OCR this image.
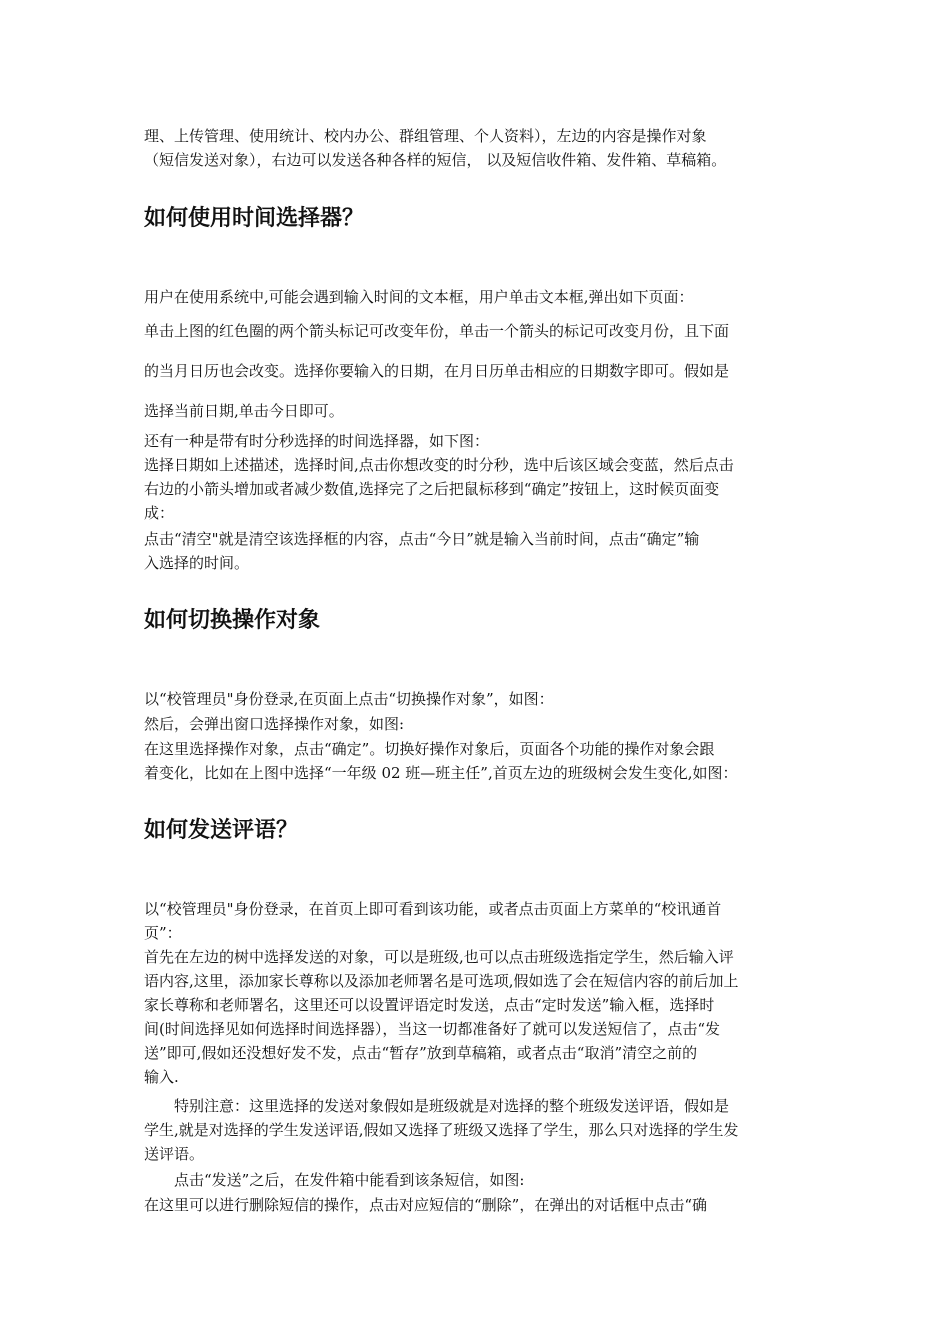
理、上传管理、使用统计、校内办公、群组管理、个人资料），左边的内容是操作对象
（短信发送对象），右边可以发送各种各样的短信， 以及短信收件箱、发件箱、草稿箱。
如何使用时间选择器？
用户在使用系统中,可能会遇到输入时间的文本框，用户单击文本框,弹出如下页面：
单击上图的红色圈的两个箭头标记可改变年份，单击一个箭头的标记可改变月份，且下面
的当月日历也会改变。选择你要输入的日期，在月日历单击相应的日期数字即可。假如是
选择当前日期,单击今日即可。
还有一种是带有时分秒选择的时间选择器，如下图：
选择日期如上述描述，选择时间,点击你想改变的时分秒，选中后该区域会变蓝，然后点击
右边的小箭头增加或者减少数值,选择完了之后把鼠标移到“确定”按钮上，这时候页面变
成：
点击“清空"就是清空该选择框的内容，点击“今日”就是输入当前时间，点击“确定”输
入选择的时间。
如何切换操作对象
以“校管理员"身份登录,在页面上点击“切换操作对象”，如图：
然后，会弹出窗口选择操作对象，如图:
在这里选择操作对象，点击“确定”。切换好操作对象后，页面各个功能的操作对象会跟
着变化，比如在上图中选择“一年级 02 班—班主任”,首页左边的班级树会发生变化,如图：
如何发送评语？
以“校管理员"身份登录，在首页上即可看到该功能，或者点击页面上方菜单的“校讯通首
页”：
首先在左边的树中选择发送的对象，可以是班级,也可以点击班级选指定学生，然后输入评
语内容,这里，添加家长尊称以及添加老师署名是可选项,假如选了会在短信内容的前后加上
家长尊称和老师署名，这里还可以设置评语定时发送，点击“定时发送”输入框，选择时
间(时间选择见如何选择时间选择器），当这一切都准备好了就可以发送短信了，点击“发
送”即可,假如还没想好发不发，点击“暂存”放到草稿箱，或者点击“取消”清空之前的
输入.
特别注意：这里选择的发送对象假如是班级就是对选择的整个班级发送评语，假如是
学生,就是对选择的学生发送评语,假如又选择了班级又选择了学生，那么只对选择的学生发
送评语。
点击“发送”之后，在发件箱中能看到该条短信，如图:
在这里可以进行删除短信的操作，点击对应短信的“删除”，在弹出的对话框中点击“确
